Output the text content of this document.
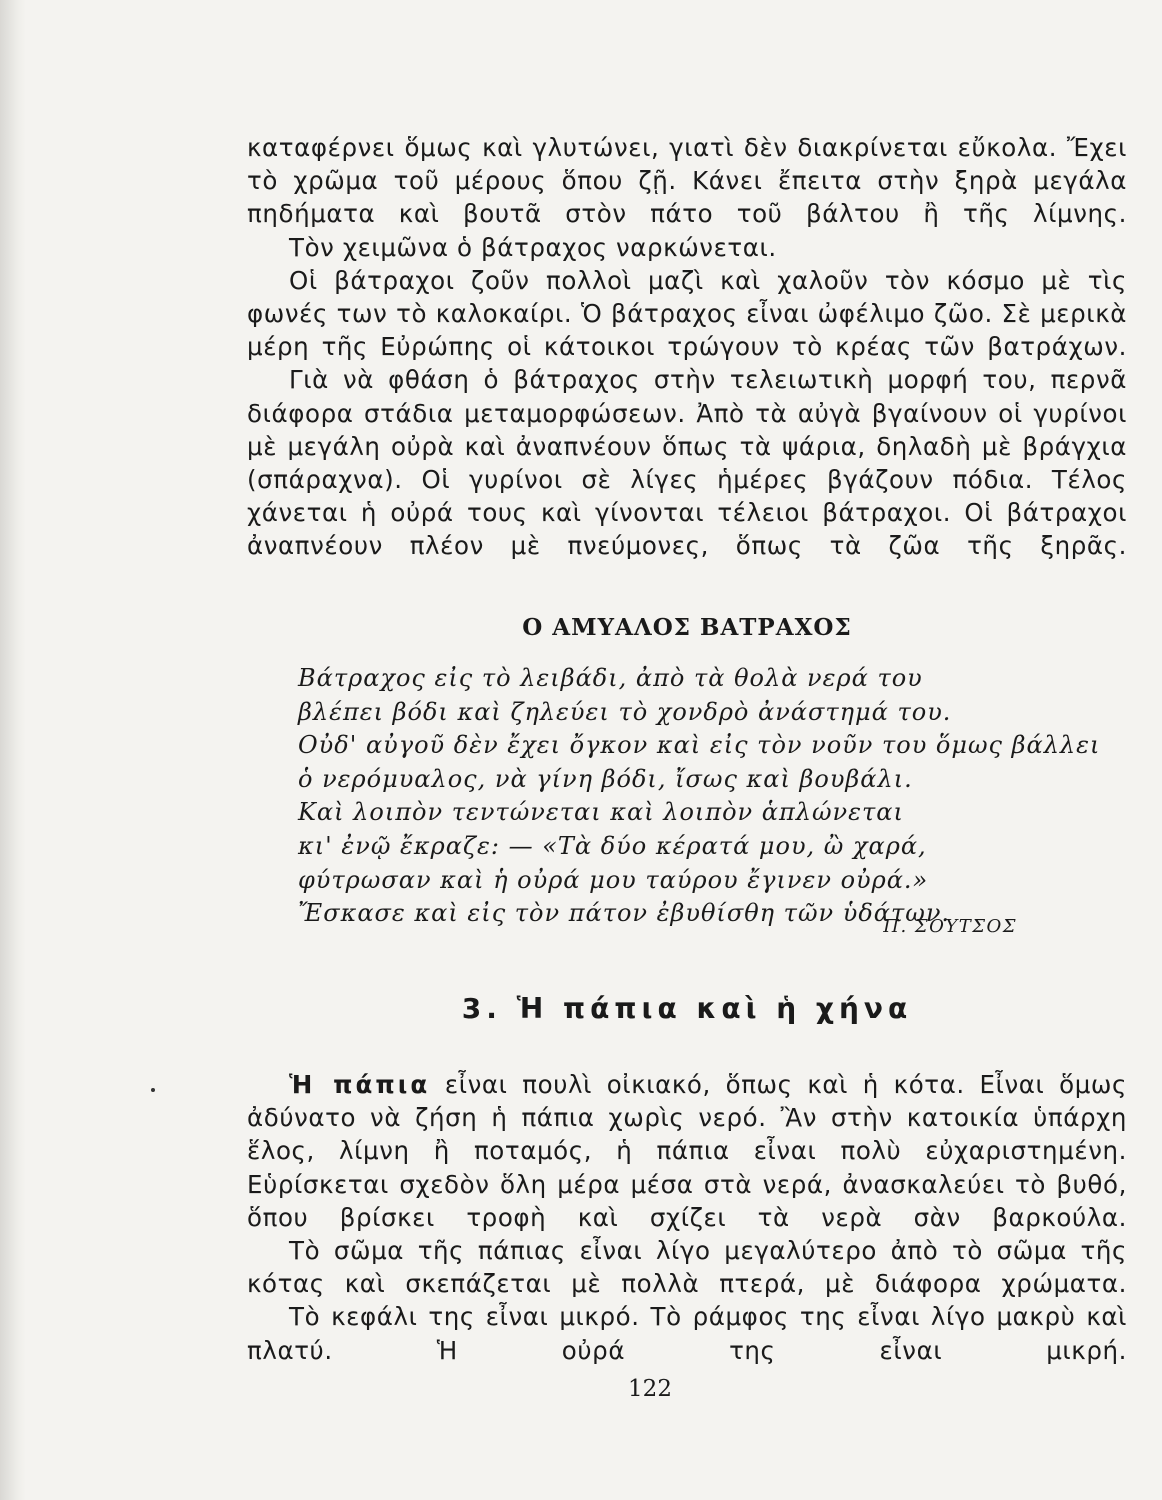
καταφέρνει ὅμως καὶ γλυτώνει, γιατὶ δὲν διακρίνεται εὔκολα. Ἔχει τὸ χρῶμα τοῦ μέρους ὅπου ζῇ. Κάνει ἔπειτα στὴν ξηρὰ μεγάλα πηδήματα καὶ βουτᾶ στὸν πάτο τοῦ βάλτου ἢ τῆς λίμνης.

Τὸν χειμῶνα ὁ βάτραχος ναρκώνεται.

Οἱ βάτραχοι ζοῦν πολλοὶ μαζὶ καὶ χαλοῦν τὸν κόσμο μὲ τὶς φωνές των τὸ καλοκαίρι. Ὁ βάτραχος εἶναι ὠφέλιμο ζῶο. Σὲ μερικὰ μέρη τῆς Εὐρώπης οἱ κάτοικοι τρώγουν τὸ κρέας τῶν βατράχων.

Γιὰ νὰ φθάση ὁ βάτραχος στὴν τελειωτικὴ μορφή του, περνᾶ διάφορα στάδια μεταμορφώσεων. Ἀπὸ τὰ αὐγὰ βγαίνουν οἱ γυρίνοι μὲ μεγάλη οὐρὰ καὶ ἀναπνέουν ὅπως τὰ ψάρια, δηλαδὴ μὲ βράγχια (σπάραχνα). Οἱ γυρίνοι σὲ λίγες ἡμέρες βγάζουν πόδια. Τέλος χάνεται ἡ οὐρά τους καὶ γίνονται τέλειοι βάτραχοι. Οἱ βάτραχοι ἀναπνέουν πλέον μὲ πνεύμονες, ὅπως τὰ ζῶα τῆς ξηρᾶς.

Ο ΑΜΥΑΛΟΣ ΒΑΤΡΑΧΟΣ
Βάτραχος εἰς τὸ λειβάδι, ἀπὸ τὰ θολὰ νερά του
βλέπει βόδι καὶ ζηλεύει τὸ χονδρὸ ἀνάστημά του.
Οὐδ' αὐγοῦ δὲν ἔχει ὄγκον καὶ εἰς τὸν νοῦν του ὅμως βάλλει
ὁ νερόμυαλος, νὰ γίνη βόδι, ἴσως καὶ βουβάλι.
Καὶ λοιπὸν τεντώνεται καὶ λοιπὸν ἁπλώνεται
κι' ἐνῷ ἔκραζε: — «Τὰ δύο κέρατά μου, ὢ χαρά,
φύτρωσαν καὶ ἡ οὐρά μου ταύρου ἔγινεν οὐρά.»
Ἔσκασε καὶ εἰς τὸν πάτον ἐβυθίσθη τῶν ὑδάτων.
Π. ΣΟΥΤΣΟΣ
3. Ἡ πάπια καὶ ἡ χήνα

Ἡ πάπια εἶναι πουλὶ οἰκιακό, ὅπως καὶ ἡ κότα. Εἶναι ὅμως ἀδύνατο νὰ ζήση ἡ πάπια χωρὶς νερό. Ἂν στὴν κατοικία ὑπάρχη ἕλος, λίμνη ἢ ποταμός, ἡ πάπια εἶναι πολὺ εὐχαριστημένη. Εὑρίσκεται σχεδὸν ὅλη μέρα μέσα στὰ νερά, ἀνασκαλεύει τὸ βυθό, ὅπου βρίσκει τροφὴ καὶ σχίζει τὰ νερὰ σὰν βαρκούλα.

Τὸ σῶμα τῆς πάπιας εἶναι λίγο μεγαλύτερο ἀπὸ τὸ σῶμα τῆς κότας καὶ σκεπάζεται μὲ πολλὰ πτερά, μὲ διάφορα χρώματα.

Τὸ κεφάλι της εἶναι μικρό. Τὸ ράμφος της εἶναι λίγο μακρὺ καὶ πλατύ. Ἡ οὐρά της εἶναι μικρή.

122
